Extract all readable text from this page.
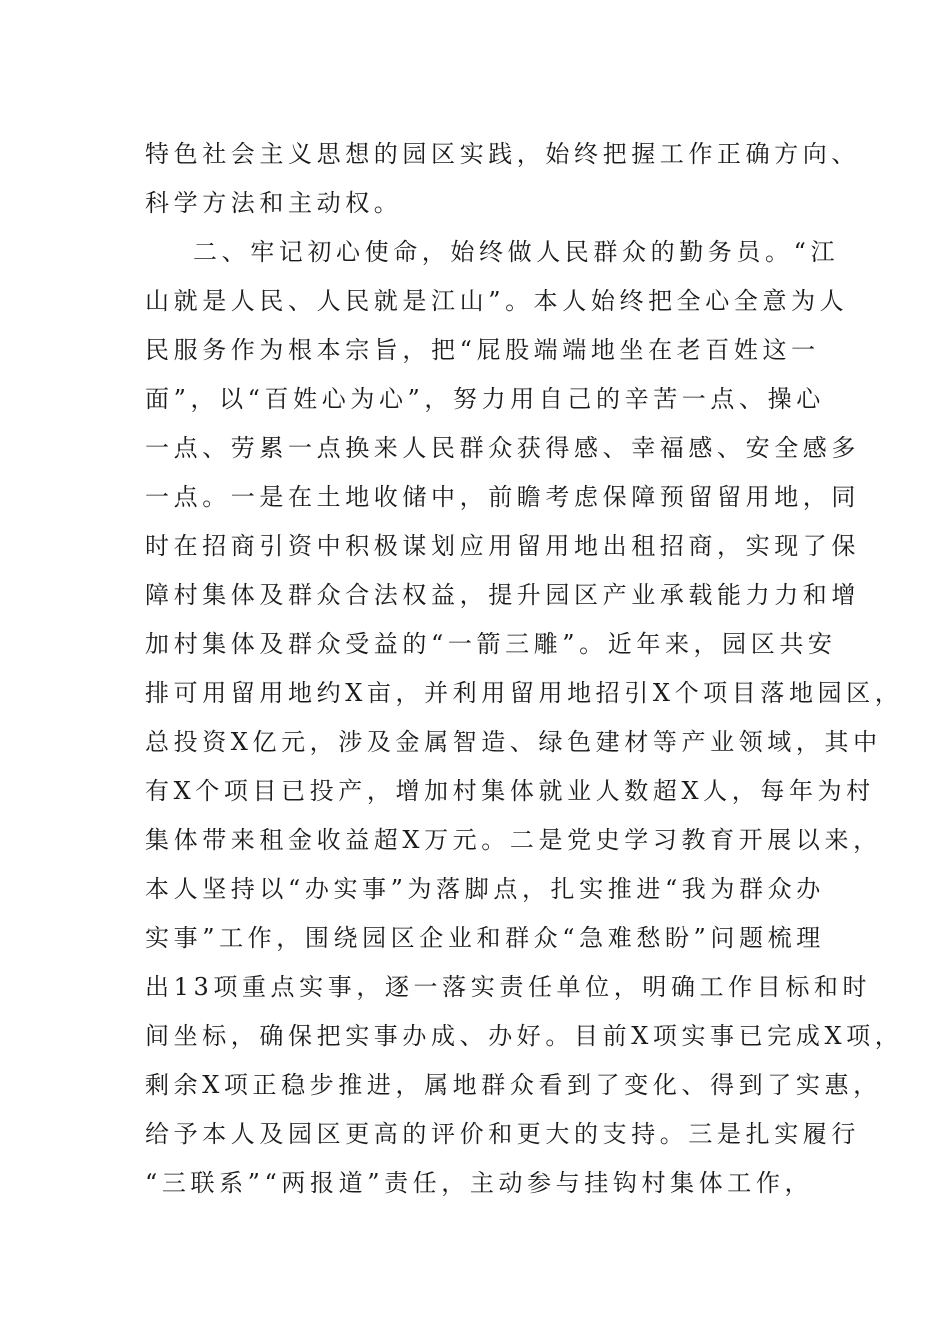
特色社会主义思想的园区实践，始终把握工作正确方向、
科学方法和主动权。
二、牢记初心使命，始终做人民群众的勤务员。“江
山就是人民、人民就是江山”。本人始终把全心全意为人
民服务作为根本宗旨，把“屁股端端地坐在老百姓这一
面”，以“百姓心为心”，努力用自己的辛苦一点、操心
一点、劳累一点换来人民群众获得感、幸福感、安全感多
一点。一是在土地收储中，前瞻考虑保障预留留用地，同
时在招商引资中积极谋划应用留用地出租招商，实现了保
障村集体及群众合法权益，提升园区产业承载能力力和增
加村集体及群众受益的“一箭三雕”。近年来，园区共安
排可用留用地约X亩，并利用留用地招引X个项目落地园区，
总投资X亿元，涉及金属智造、绿色建材等产业领域，其中
有X个项目已投产，增加村集体就业人数超X人，每年为村
集体带来租金收益超X万元。二是党史学习教育开展以来，
本人坚持以“办实事”为落脚点，扎实推进“我为群众办
实事”工作，围绕园区企业和群众“急难愁盼”问题梳理
出13项重点实事，逐一落实责任单位，明确工作目标和时
间坐标，确保把实事办成、办好。目前X项实事已完成X项，
剩余X项正稳步推进，属地群众看到了变化、得到了实惠，
给予本人及园区更高的评价和更大的支持。三是扎实履行
“三联系”“两报道”责任，主动参与挂钩村集体工作，
